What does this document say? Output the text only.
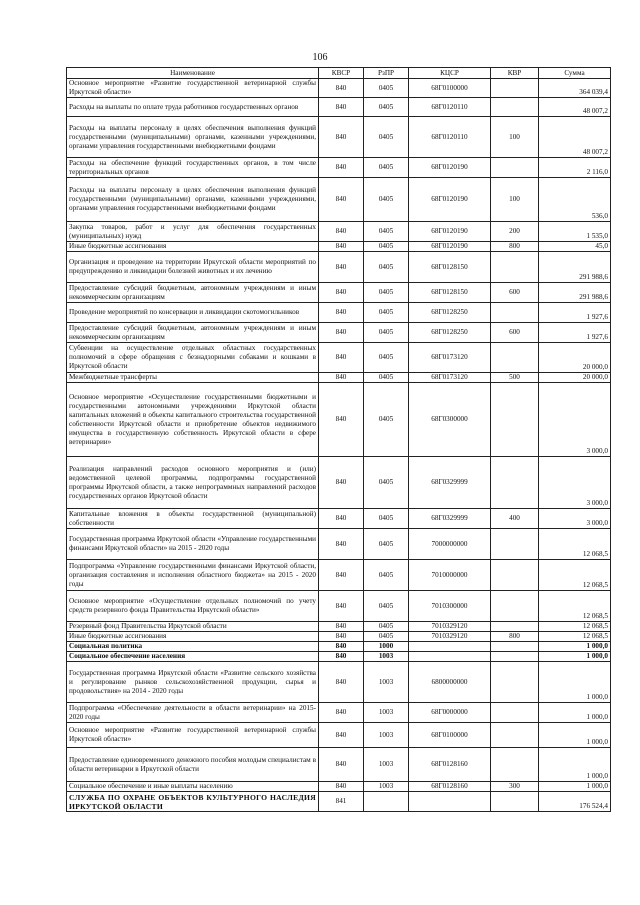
106
Наименование	КВСР	РзПР	КЦСР	КВР	Сумма
Основное мероприятие «Развитие государственной ветеринарной службы Иркутской области»	840	0405	68Г0100000		364 039,4
Расходы на выплаты по оплате труда работников государственных органов	840	0405	68Г0120110		48 007,2
Расходы на выплаты персоналу в целях обеспечения выполнения функций государственными (муниципальными) органами, казенными учреждениями, органами управления государственными внебюджетными фондами	840	0405	68Г0120110	100	48 007,2
Расходы на обеспечение функций государственных органов, в том числе территориальных органов	840	0405	68Г0120190		2 116,0
Расходы на выплаты персоналу в целях обеспечения выполнения функций государственными (муниципальными) органами, казенными учреждениями, органами управления государственными внебюджетными фондами	840	0405	68Г0120190	100	536,0
Закупка товаров, работ и услуг для обеспечения государственных (муниципальных) нужд	840	0405	68Г0120190	200	1 535,0
Иные бюджетные ассигнования	840	0405	68Г0120190	800	45,0
Организация и проведение на территории Иркутской области мероприятий по предупреждению и ликвидации болезней животных и их лечению	840	0405	68Г0128150		291 988,6
Предоставление субсидий бюджетным, автономным учреждениям и иным некоммерческим организациям	840	0405	68Г0128150	600	291 988,6
Проведение мероприятий по консервации и ликвидации скотомогильников	840	0405	68Г0128250		1 927,6
Предоставление субсидий бюджетным, автономным учреждениям и иным некоммерческим организациям	840	0405	68Г0128250	600	1 927,6
Субвенции на осуществление отдельных областных государственных полномочий в сфере обращения с безнадзорными собаками и кошками в Иркутской области	840	0405	68Г0173120		20 000,0
Межбюджетные трансферты	840	0405	68Г0173120	500	20 000,0
Основное мероприятие «Осуществление государственными бюджетными и государственными автономными учреждениями Иркутской области капитальных вложений в объекты капитального строительства государственной собственности Иркутской области и приобретение объектов недвижимого имущества в государственную собственность Иркутской области в сфере ветеринарии»	840	0405	68Г0300000		3 000,0
Реализация направлений расходов основного мероприятия и (или) ведомственной целевой программы, подпрограммы государственной программы Иркутской области, а также непрограммных направлений расходов государственных органов Иркутской области	840	0405	68Г0329999		3 000,0
Капитальные вложения в объекты государственной (муниципальной) собственности	840	0405	68Г0329999	400	3 000,0
Государственная программа Иркутской области «Управление государственными финансами Иркутской области» на 2015 - 2020 годы	840	0405	7000000000		12 068,5
Подпрограмма «Управление государственными финансами Иркутской области, организация составления и исполнения областного бюджета» на 2015 - 2020 годы	840	0405	7010000000		12 068,5
Основное мероприятие «Осуществление отдельных полномочий по учету средств резервного фонда Правительства Иркутской области»	840	0405	7010300000		12 068,5
Резервный фонд Правительства Иркутской области	840	0405	7010329120		12 068,5
Иные бюджетные ассигнования	840	0405	7010329120	800	12 068,5
Социальная политика	840	1000			1 000,0
Социальное обеспечение населения	840	1003			1 000,0
Государственная программа Иркутской области «Развитие сельского хозяйства и регулирование рынков сельскохозяйственной продукции, сырья и продовольствия» на 2014 - 2020 годы	840	1003	6800000000		1 000,0
Подпрограмма «Обеспечение деятельности в области ветеринарии» на 2015-2020 годы	840	1003	68Г0000000		1 000,0
Основное мероприятие «Развитие государственной ветеринарной службы Иркутской области»	840	1003	68Г0100000		1 000,0
Предоставление единовременного денежного пособия молодым специалистам в области ветеринарии в Иркутской области	840	1003	68Г0128160		1 000,0
Социальное обеспечение и иные выплаты населению	840	1003	68Г0128160	300	1 000,0
СЛУЖБА ПО ОХРАНЕ ОБЪЕКТОВ КУЛЬТУРНОГО НАСЛЕДИЯ ИРКУТСКОЙ ОБЛАСТИ	841				176 524,4
